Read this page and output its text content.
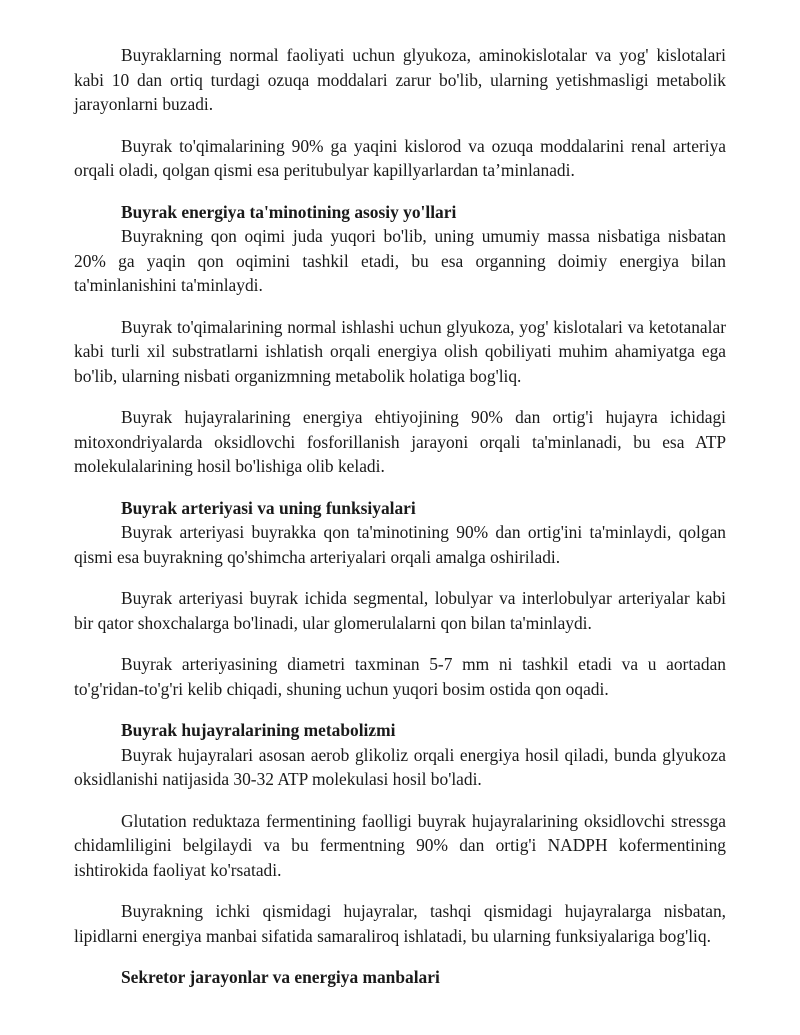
Buyraklarning normal faoliyati uchun glyukoza, aminokislotalar va yog' kislotalari kabi 10 dan ortiq turdagi ozuqa moddalari zarur bo'lib, ularning yetishmasligi metabolik jarayonlarni buzadi.

Buyrak to'qimalarining 90% ga yaqini kislorod va ozuqa moddalarini renal arteriya orqali oladi, qolgan qismi esa peritubulyar kapillyarlardan ta’minlanadi.

Buyrak energiya ta'minotining asosiy yo'llari

Buyrakning qon oqimi juda yuqori bo'lib, uning umumiy massa nisbatiga nisbatan 20% ga yaqin qon oqimini tashkil etadi, bu esa organning doimiy energiya bilan ta'minlanishini ta'minlaydi.

Buyrak to'qimalarining normal ishlashi uchun glyukoza, yog' kislotalari va ketotanalar kabi turli xil substratlarni ishlatish orqali energiya olish qobiliyati muhim ahamiyatga ega bo'lib, ularning nisbati organizmning metabolik holatiga bog'liq.

Buyrak hujayralarining energiya ehtiyojining 90% dan ortig'i hujayra ichidagi mitoxondriyalarda oksidlovchi fosforillanish jarayoni orqali ta'minlanadi, bu esa ATP molekulalarining hosil bo'lishiga olib keladi.

Buyrak arteriyasi va uning funksiyalari

Buyrak arteriyasi buyrakka qon ta'minotining 90% dan ortig'ini ta'minlaydi, qolgan qismi esa buyrakning qo'shimcha arteriyalari orqali amalga oshiriladi.

Buyrak arteriyasi buyrak ichida segmental, lobulyar va interlobulyar arteriyalar kabi bir qator shoxchalarga bo'linadi, ular glomerulalarni qon bilan ta'minlaydi.

Buyrak arteriyasining diametri taxminan 5-7 mm ni tashkil etadi va u aortadan to'g'ridan-to'g'ri kelib chiqadi, shuning uchun yuqori bosim ostida qon oqadi.

Buyrak hujayralarining metabolizmi

Buyrak hujayralari asosan aerob glikoliz orqali energiya hosil qiladi, bunda glyukoza oksidlanishi natijasida 30-32 ATP molekulasi hosil bo'ladi.

Glutation reduktaza fermentining faolligi buyrak hujayralarining oksidlovchi stressga chidamliligini belgilaydi va bu fermentning 90% dan ortig'i NADPH kofermentining ishtirokida faoliyat ko'rsatadi.

Buyrakning ichki qismidagi hujayralar, tashqi qismidagi hujayralarga nisbatan, lipidlarni energiya manbai sifatida samaraliroq ishlatadi, bu ularning funksiyalariga bog'liq.

Sekretor jarayonlar va energiya manbalari
